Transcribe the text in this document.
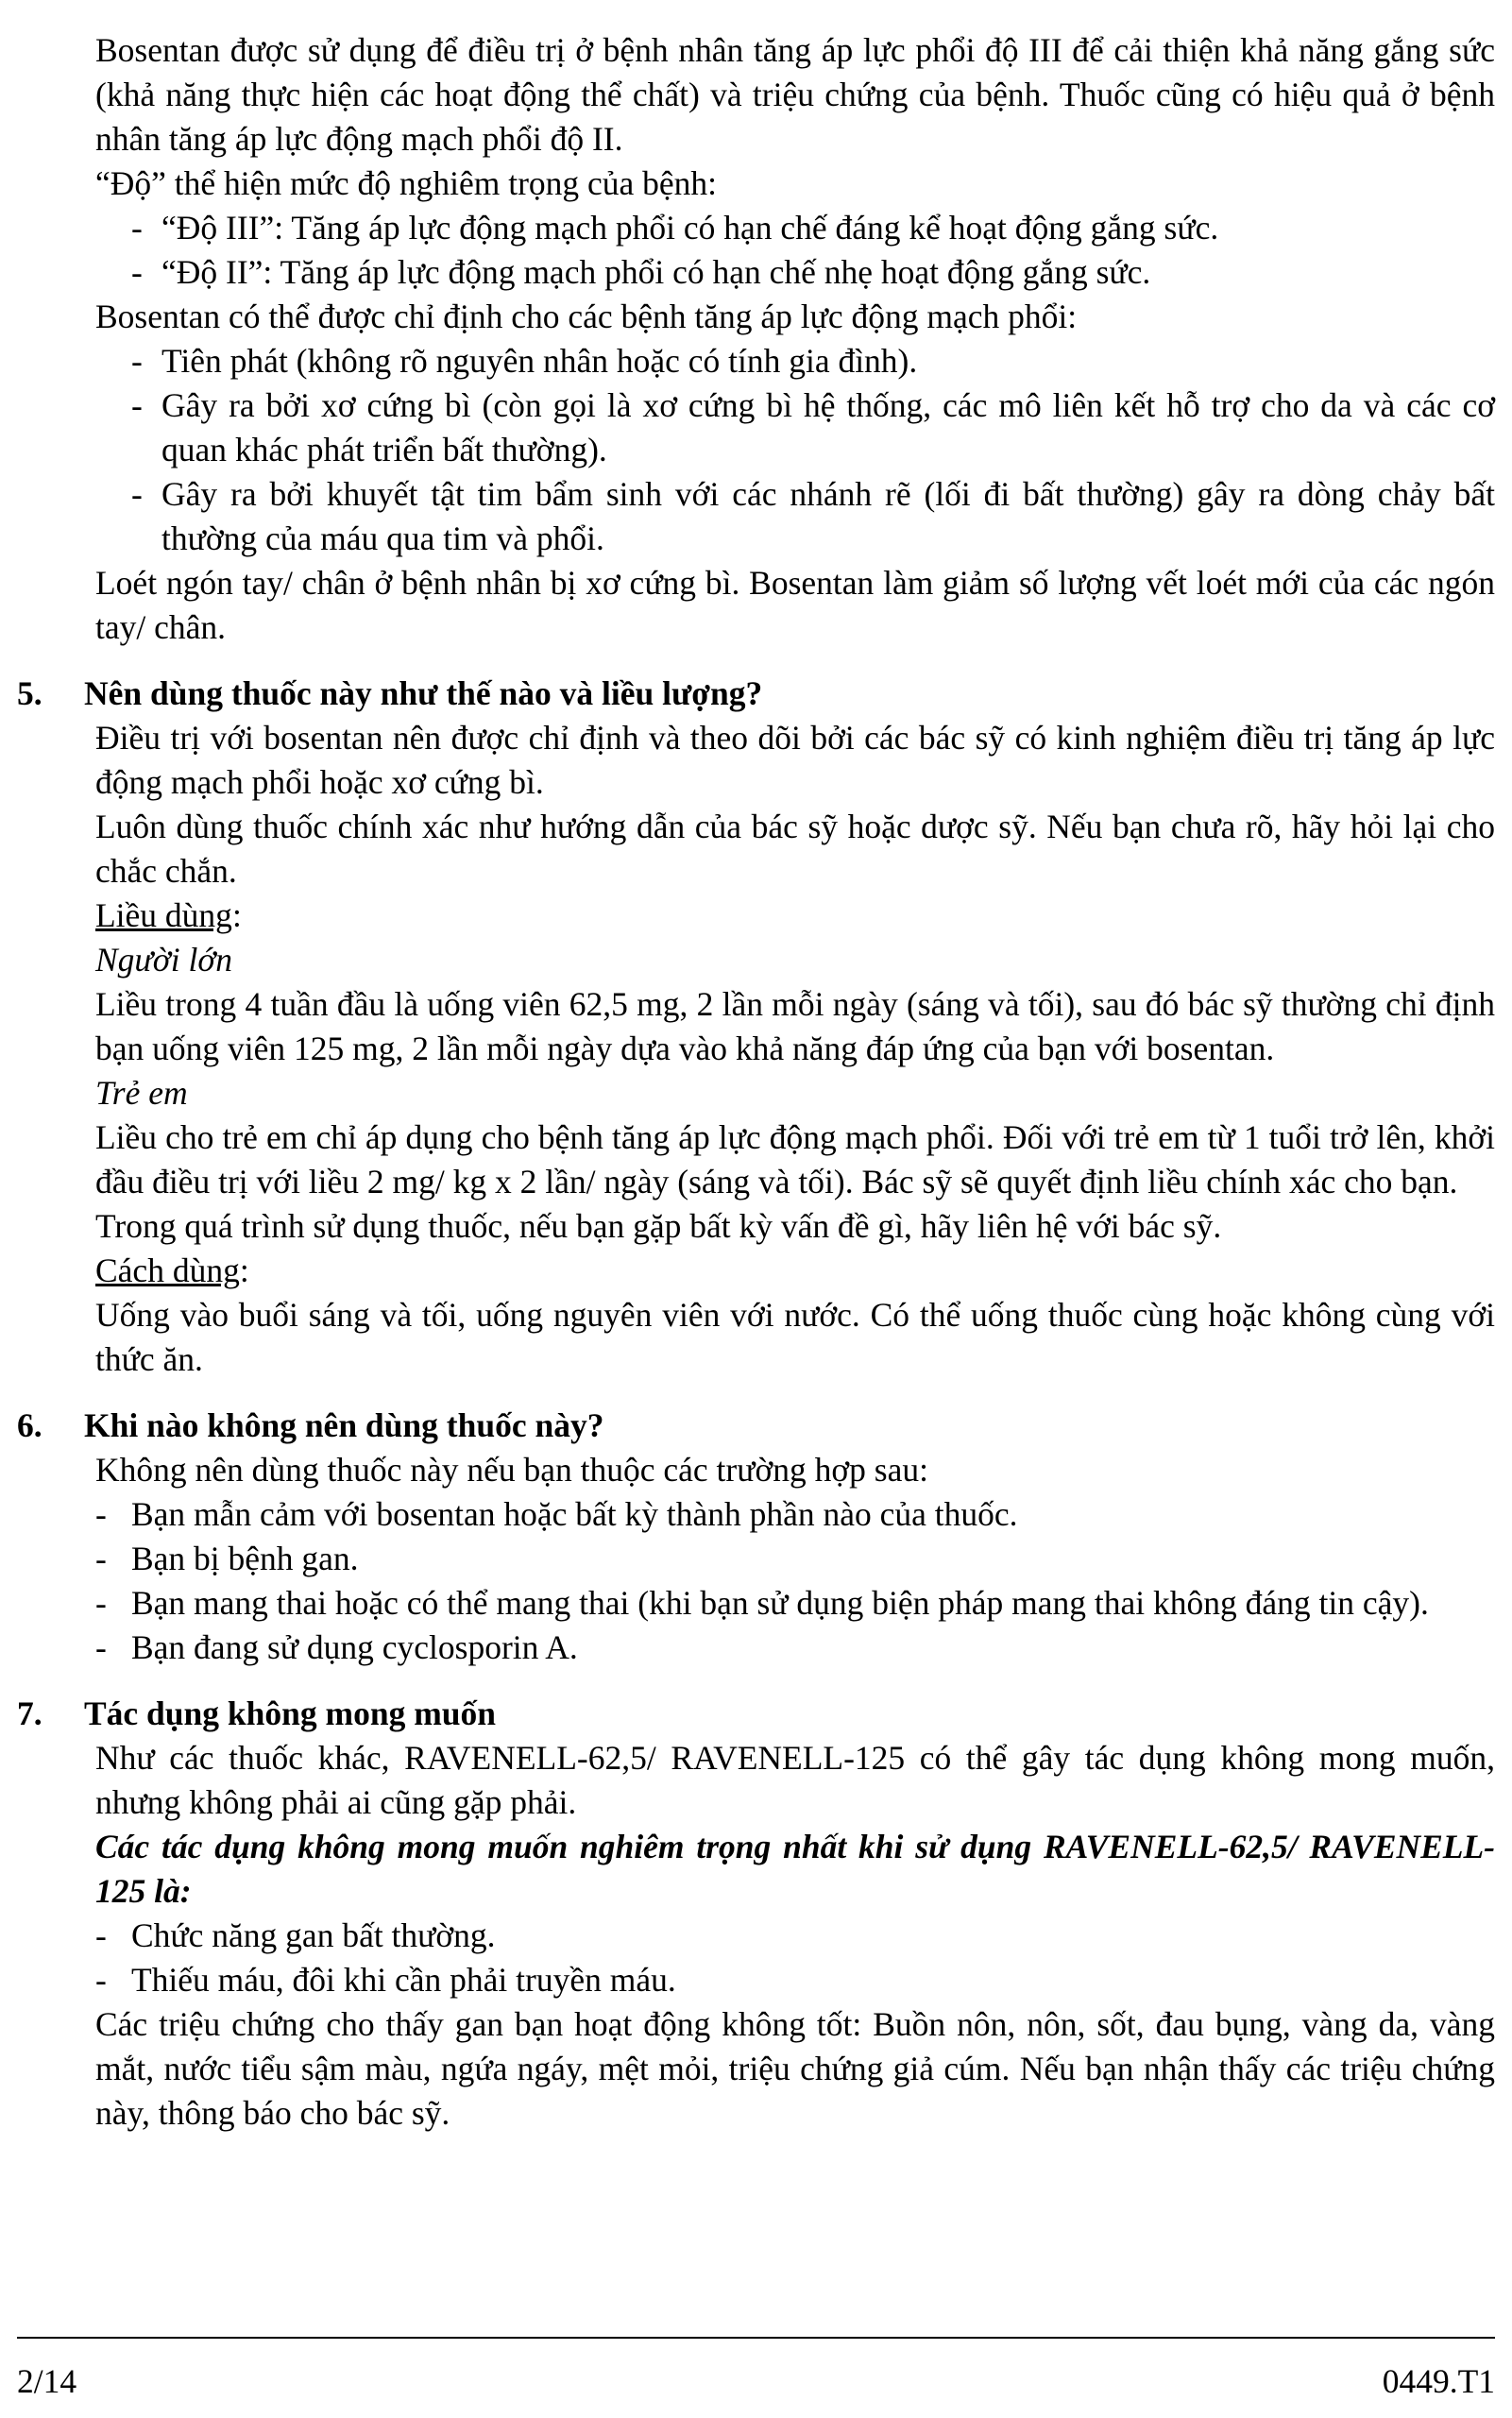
Bosentan được sử dụng để điều trị ở bệnh nhân tăng áp lực phổi độ III để cải thiện khả năng gắng sức (khả năng thực hiện các hoạt động thể chất) và triệu chứng của bệnh. Thuốc cũng có hiệu quả ở bệnh nhân tăng áp lực động mạch phổi độ II.

“Độ” thể hiện mức độ nghiêm trọng của bệnh:

- “Độ III”: Tăng áp lực động mạch phổi có hạn chế đáng kể hoạt động gắng sức.

- “Độ II”: Tăng áp lực động mạch phổi có hạn chế nhẹ hoạt động gắng sức.

Bosentan có thể được chỉ định cho các bệnh tăng áp lực động mạch phổi:

- Tiên phát (không rõ nguyên nhân hoặc có tính gia đình).

- Gây ra bởi xơ cứng bì (còn gọi là xơ cứng bì hệ thống, các mô liên kết hỗ trợ cho da và các cơ quan khác phát triển bất thường).

- Gây ra bởi khuyết tật tim bẩm sinh với các nhánh rẽ (lối đi bất thường) gây ra dòng chảy bất thường của máu qua tim và phổi.

Loét ngón tay/ chân ở bệnh nhân bị xơ cứng bì. Bosentan làm giảm số lượng vết loét mới của các ngón tay/ chân.

5. Nên dùng thuốc này như thế nào và liều lượng?

Điều trị với bosentan nên được chỉ định và theo dõi bởi các bác sỹ có kinh nghiệm điều trị tăng áp lực động mạch phổi hoặc xơ cứng bì.

Luôn dùng thuốc chính xác như hướng dẫn của bác sỹ hoặc dược sỹ. Nếu bạn chưa rõ, hãy hỏi lại cho chắc chắn.

Liều dùng:

Người lớn

Liều trong 4 tuần đầu là uống viên 62,5 mg, 2 lần mỗi ngày (sáng và tối), sau đó bác sỹ thường chỉ định bạn uống viên 125 mg, 2 lần mỗi ngày dựa vào khả năng đáp ứng của bạn với bosentan.

Trẻ em

Liều cho trẻ em chỉ áp dụng cho bệnh tăng áp lực động mạch phổi. Đối với trẻ em từ 1 tuổi trở lên, khởi đầu điều trị với liều 2 mg/ kg x 2 lần/ ngày (sáng và tối). Bác sỹ sẽ quyết định liều chính xác cho bạn.

Trong quá trình sử dụng thuốc, nếu bạn gặp bất kỳ vấn đề gì, hãy liên hệ với bác sỹ.

Cách dùng:

Uống vào buổi sáng và tối, uống nguyên viên với nước. Có thể uống thuốc cùng hoặc không cùng với thức ăn.

6. Khi nào không nên dùng thuốc này?

Không nên dùng thuốc này nếu bạn thuộc các trường hợp sau:

- Bạn mẫn cảm với bosentan hoặc bất kỳ thành phần nào của thuốc.

- Bạn bị bệnh gan.

- Bạn mang thai hoặc có thể mang thai (khi bạn sử dụng biện pháp mang thai không đáng tin cậy).

- Bạn đang sử dụng cyclosporin A.

7. Tác dụng không mong muốn

Như các thuốc khác, RAVENELL-62,5/ RAVENELL-125 có thể gây tác dụng không mong muốn, nhưng không phải ai cũng gặp phải.

Các tác dụng không mong muốn nghiêm trọng nhất khi sử dụng RAVENELL-62,5/ RAVENELL-125 là:

- Chức năng gan bất thường.

- Thiếu máu, đôi khi cần phải truyền máu.

Các triệu chứng cho thấy gan bạn hoạt động không tốt: Buồn nôn, nôn, sốt, đau bụng, vàng da, vàng mắt, nước tiểu sậm màu, ngứa ngáy, mệt mỏi, triệu chứng giả cúm. Nếu bạn nhận thấy các triệu chứng này, thông báo cho bác sỹ.

2/14	0449.T1
